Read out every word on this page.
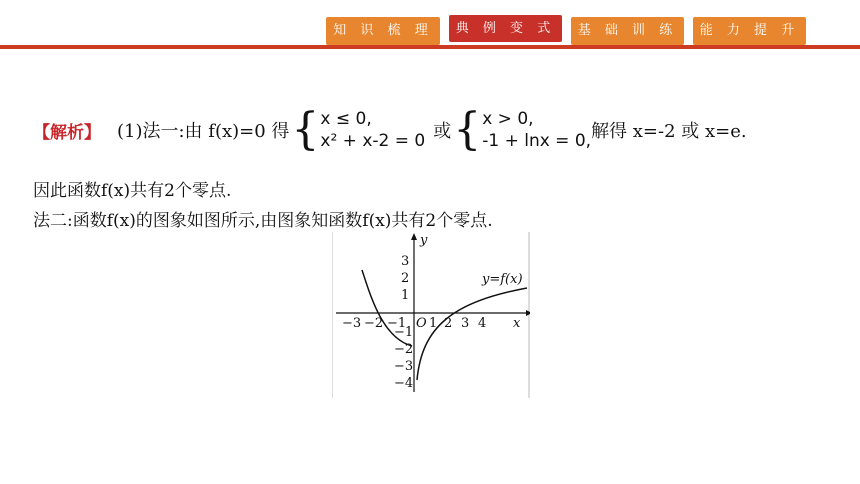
知 识 梳 理	典 例 变 式	基 础 训 练	能 力 提 升
【解析】 (1)法一:由 f(x)=0 得 { x ≤ 0,
x² + x-2 = 0 或 { x > 0,
-1 + lnx = 0, 解得 x=-2 或 x=e.
因此函数f(x)共有2个零点.
法二:函数f(x)的图象如图所示,由图象知函数f(x)共有2个零点.
y
x
−3 −2 −1 O 1 2 3 4
3
2
1
−1
−2
−3
−4
y=f(x)
